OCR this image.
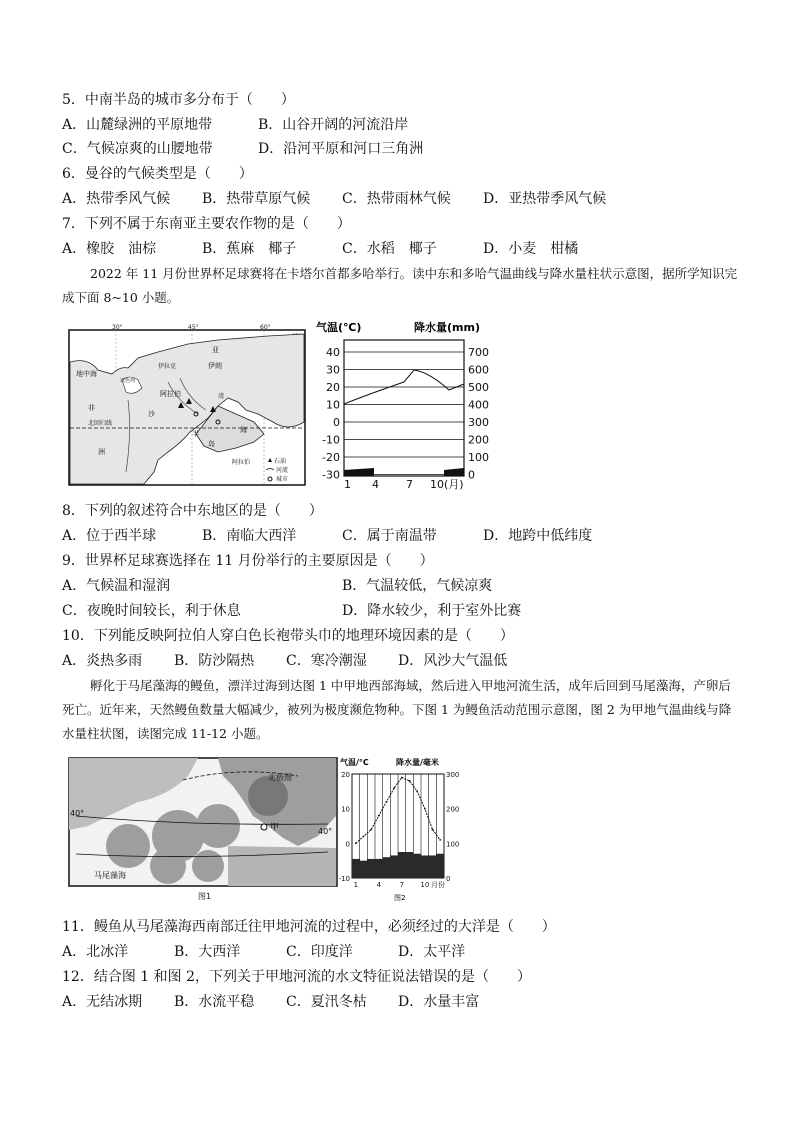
5．中南半岛的城市多分布于（　　）
A．山麓绿洲的平原地带	B．山谷开阔的河流沿岸
C．气候凉爽的山腰地带	D．沿河平原和河口三角洲
6．曼谷的气候类型是（　　）
A．热带季风气候 B．热带草原气候 C．热带雨林气候 D．亚热带季风气候
7．下列不属于东南亚主要农作物的是（　　）
A．橡胶　油棕	B．蕉麻　椰子	C．水稻　椰子	D．小麦　柑橘
2022 年 11 月份世界杯足球赛将在卡塔尔首都多哈举行。读中东和多哈气温曲线与降水量柱状示意图，据所学知识完成下面 8~10 小题。
30°	45°	60°
地中海
以色列
伊拉克	伊朗
阿拉伯
沙
北回归线
非
洲
亚
半
岛
海
湾
阿拉伯	石油
河流
城市
气温(℃)	降水量(mm)
40
30
20
10
0
-10
-20
-30
700
600
500
400
300
200
100
0
1 4 7 10(月)
8．下列的叙述符合中东地区的是（　　）
A．位于西半球	B．南临大西洋	C．属于南温带	D．地跨中低纬度
9．世界杯足球赛选择在 11 月份举行的主要原因是（　　）
A．气候温和湿润	B．气温较低，气候凉爽
C．夜晚时间较长，利于休息	D．降水较少，利于室外比赛
10．下列能反映阿拉伯人穿白色长袍带头巾的地理环境因素的是（　　）
A．炎热多雨 B．防沙隔热 C．寒冷潮湿 D．风沙大气温低
孵化于马尾藻海的鳗鱼，漂洋过海到达图 1 中甲地西部海域，然后进入甲地河流生活，成年后回到马尾藻海，产卵后死亡。近年来，天然鳗鱼数量大幅减少，被列为极度濒危物种。下图 1 为鳗鱼活动范围示意图，图 2 为甲地气温曲线与降水量柱状图，读图完成 11-12 小题。
北极圈
40°
甲	40°
马尾藻海
图1
气温/°C	降水量/毫米
20
10
0
-10
300
200
100
0
1	4	7 10 月份
图2
11．鳗鱼从马尾藻海西南部迁往甲地河流的过程中，必须经过的大洋是（　　）
A．北冰洋	B．大西洋	C．印度洋	D．太平洋
12．结合图 1 和图 2，下列关于甲地河流的水文特征说法错误的是（　　）
A．无结冰期 B．水流平稳 C．夏汛冬枯 D．水量丰富
